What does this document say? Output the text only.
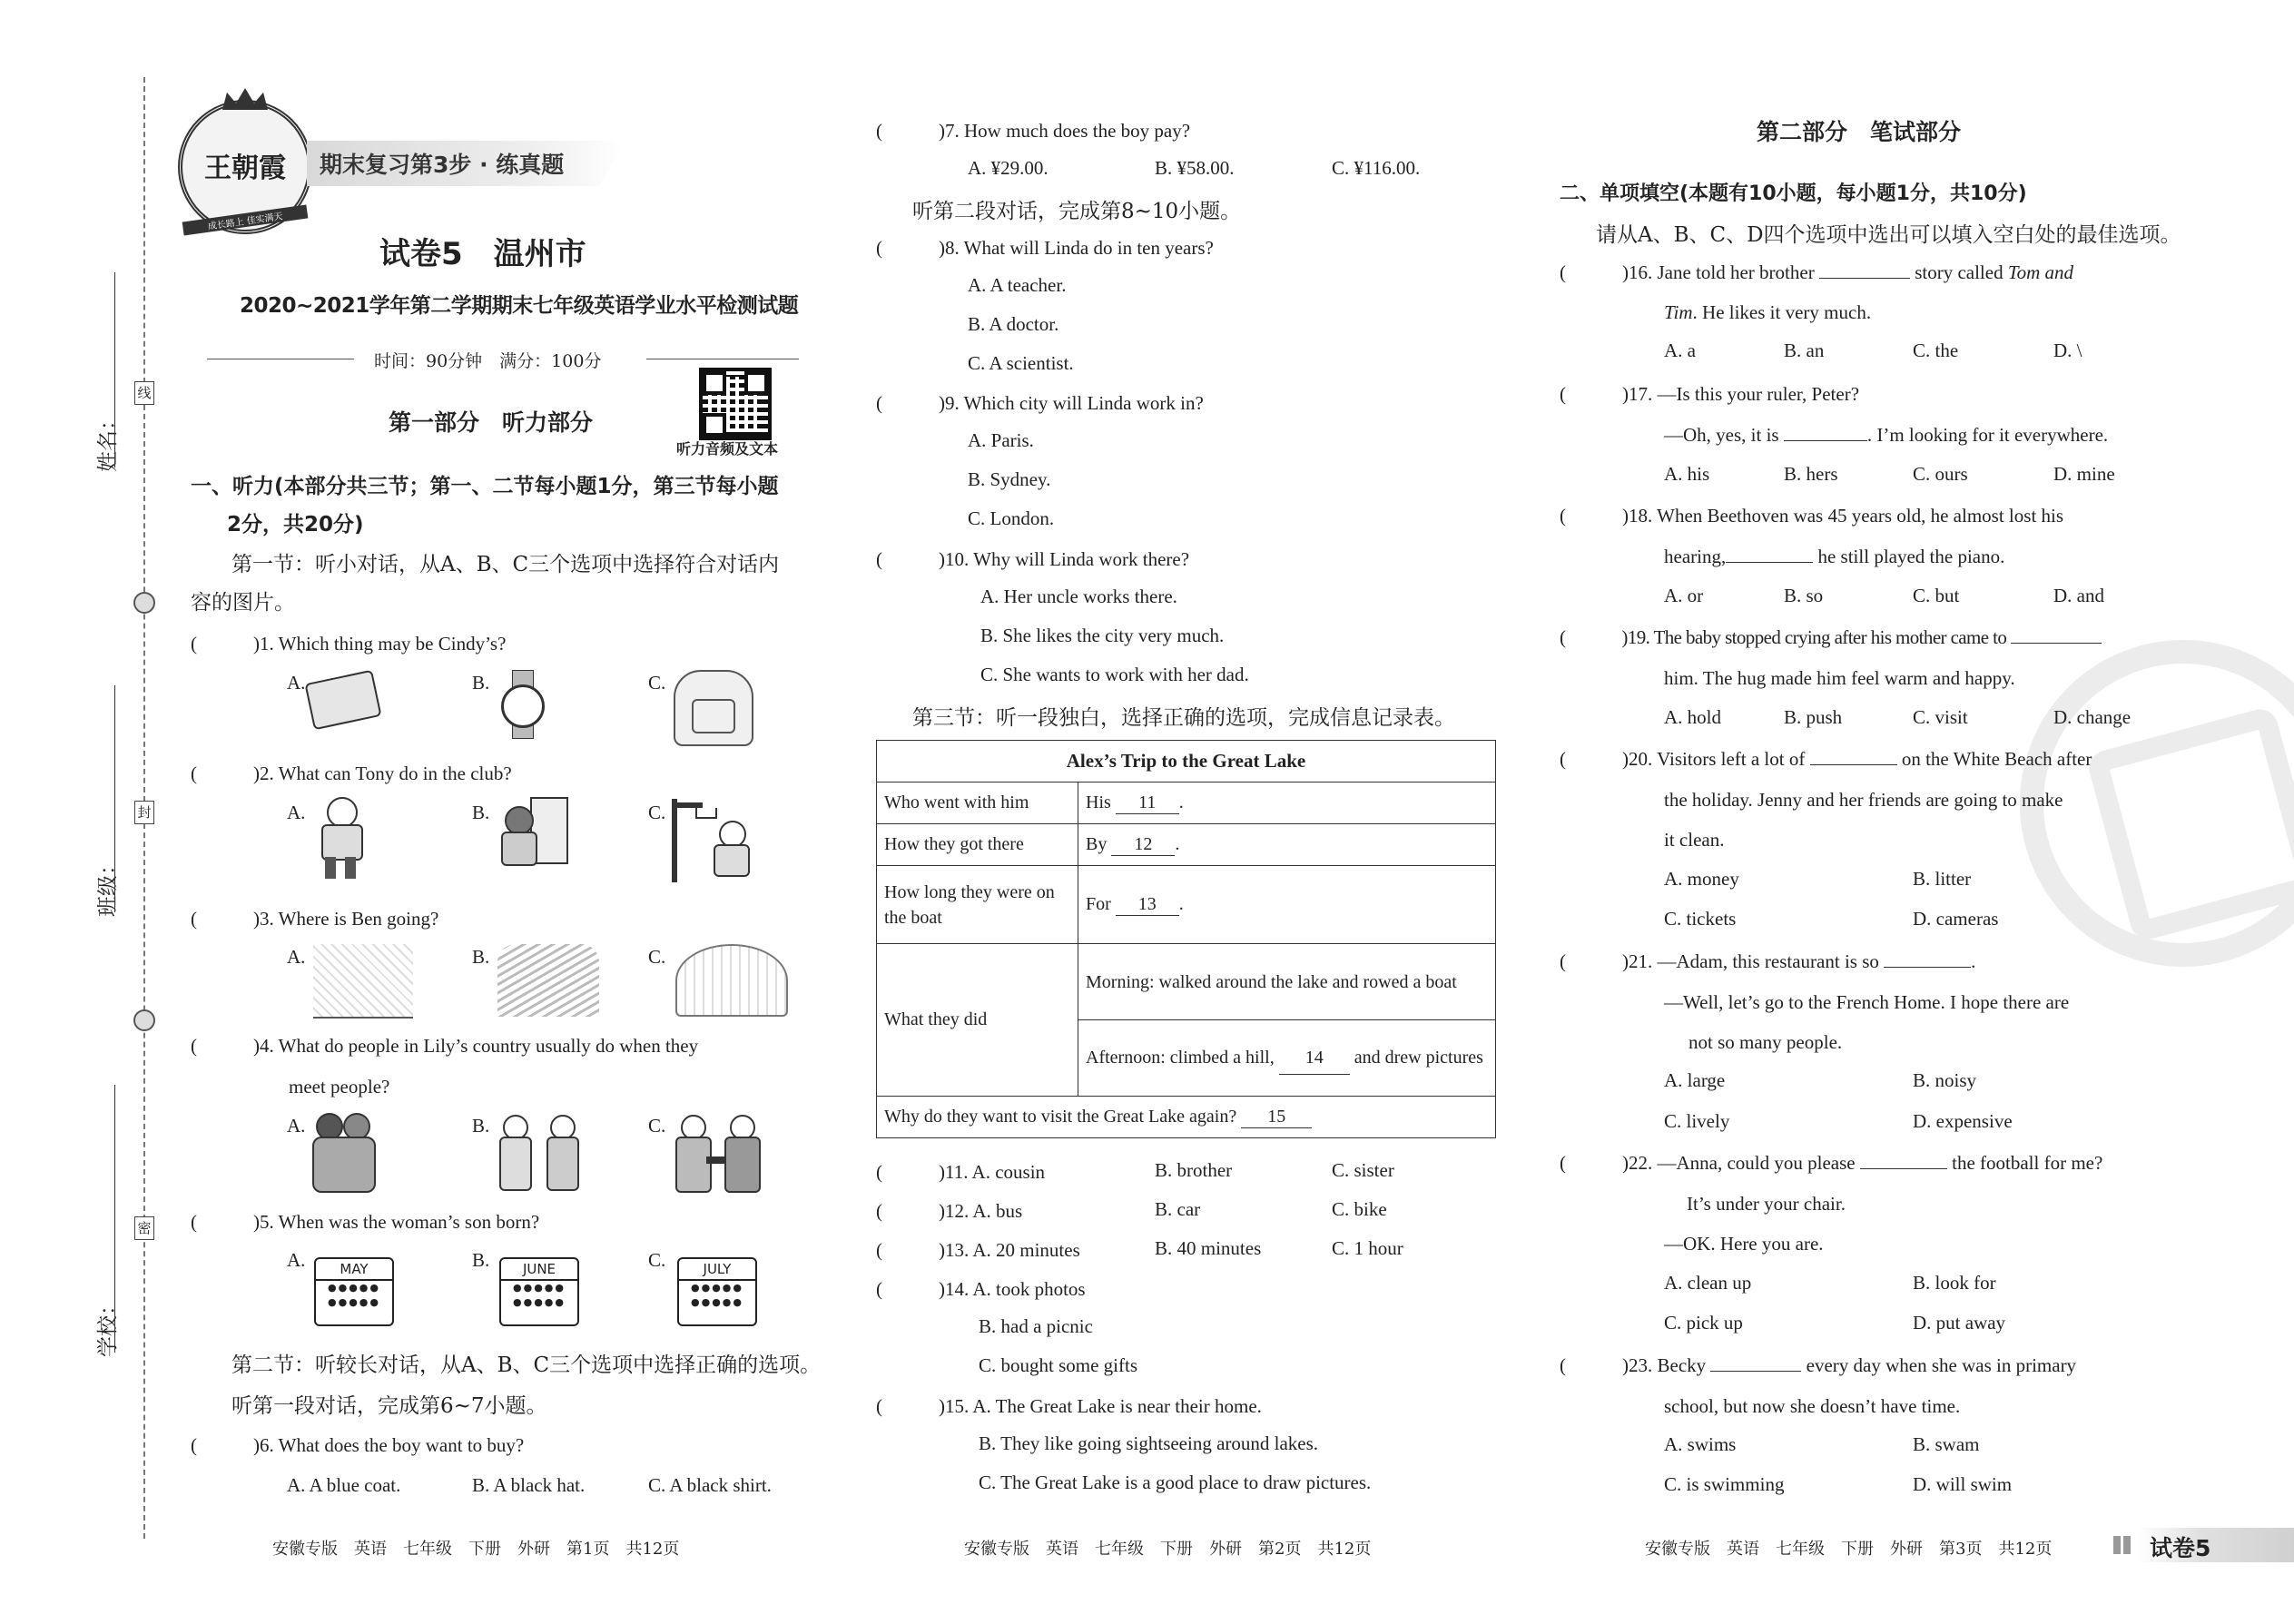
姓名：
班级：
学校：
线
封
密
王朝霞
成长路上 佳实满天
期末复习第3步 · 练真题
试卷5　温州市
2020~2021学年第二学期期末七年级英语学业水平检测试题
时间：90分钟　满分：100分
第一部分　听力部分
听力音频及文本
一、听力(本部分共三节；第一、二节每小题1分，第三节每小题
2分，共20分)
第一节：听小对话，从A、B、C三个选项中选择符合对话内
容的图片。
(	)1. Which thing may be Cindy’s?
A.	B.	C.
(	)2. What can Tony do in the club?
A.	B.	C.
(	)3. Where is Ben going?
A.	B.	C.
(	)4. What do people in Lily’s country usually do when they
meet people?
A.	B.	C.
(	)5. When was the woman’s son born?
A.	MAY
●●●●●
●●●●●
B.	JUNE
●●●●●
●●●●●
C.	JULY
●●●●●
●●●●●
第二节：听较长对话，从A、B、C三个选项中选择正确的选项。
听第一段对话，完成第6~7小题。
(	)6. What does the boy want to buy?
A. A blue coat.	B. A black hat.	C. A black shirt.
安徽专版　英语　七年级　下册　外研　第1页　共12页
(	)7. How much does the boy pay?
A. ¥29.00.	B. ¥58.00.	C. ¥116.00.
听第二段对话，完成第8~10小题。
(	)8. What will Linda do in ten years?
A. A teacher.
B. A doctor.
C. A scientist.
(	)9. Which city will Linda work in?
A. Paris.
B. Sydney.
C. London.
(	)10. Why will Linda work there?
A. Her uncle works there.
B. She likes the city very much.
C. She wants to work with her dad.
第三节：听一段独白，选择正确的选项，完成信息记录表。
Alex’s Trip to the Great Lake	
Who went with him	His 11 .
How they got there	By 12 .
How long they were on the boat	For 13 .
What they did	Morning: walked around the lake and rowed a boat
	Afternoon: climbed a hill, 14 and drew pictures
Why do they want to visit the Great Lake again? 15	
(	)11. A. cousin	B. brother	C. sister
(	)12. A. bus	B. car	C. bike
(	)13. A. 20 minutes	B. 40 minutes	C. 1 hour
(	)14. A. took photos
B. had a picnic
C. bought some gifts
(	)15. A. The Great Lake is near their home.
B. They like going sightseeing around lakes.
C. The Great Lake is a good place to draw pictures.
安徽专版　英语　七年级　下册　外研　第2页　共12页
第二部分　笔试部分
二、单项填空(本题有10小题，每小题1分，共10分)
请从A、B、C、D四个选项中选出可以填入空白处的最佳选项。
(	)16. Jane told her brother	story called Tom and
Tim. He likes it very much.
A. a	B. an	C. the	D. \
(	)17. —Is this your ruler, Peter?
—Oh, yes, it is	. I’m looking for it everywhere.
A. his	B. hers	C. ours	D. mine
(	)18. When Beethoven was 45 years old, he almost lost his
hearing,	he still played the piano.
A. or	B. so	C. but	D. and
(	)19. The baby stopped crying after his mother came to
him. The hug made him feel warm and happy.
A. hold	B. push	C. visit	D. change
(	)20. Visitors left a lot of	on the White Beach after
the holiday. Jenny and her friends are going to make
it clean.
A. money	B. litter
C. tickets	D. cameras
(	)21. —Adam, this restaurant is so	.
—Well, let’s go to the French Home. I hope there are
not so many people.
A. large	B. noisy
C. lively	D. expensive
(	)22. —Anna, could you please	the football for me?
It’s under your chair.
—OK. Here you are.
A. clean up	B. look for
C. pick up	D. put away
(	)23. Becky	every day when she was in primary
school, but now she doesn’t have time.
A. swims	B. swam
C. is swimming	D. will swim
安徽专版　英语　七年级　下册　外研　第3页　共12页	试卷5
